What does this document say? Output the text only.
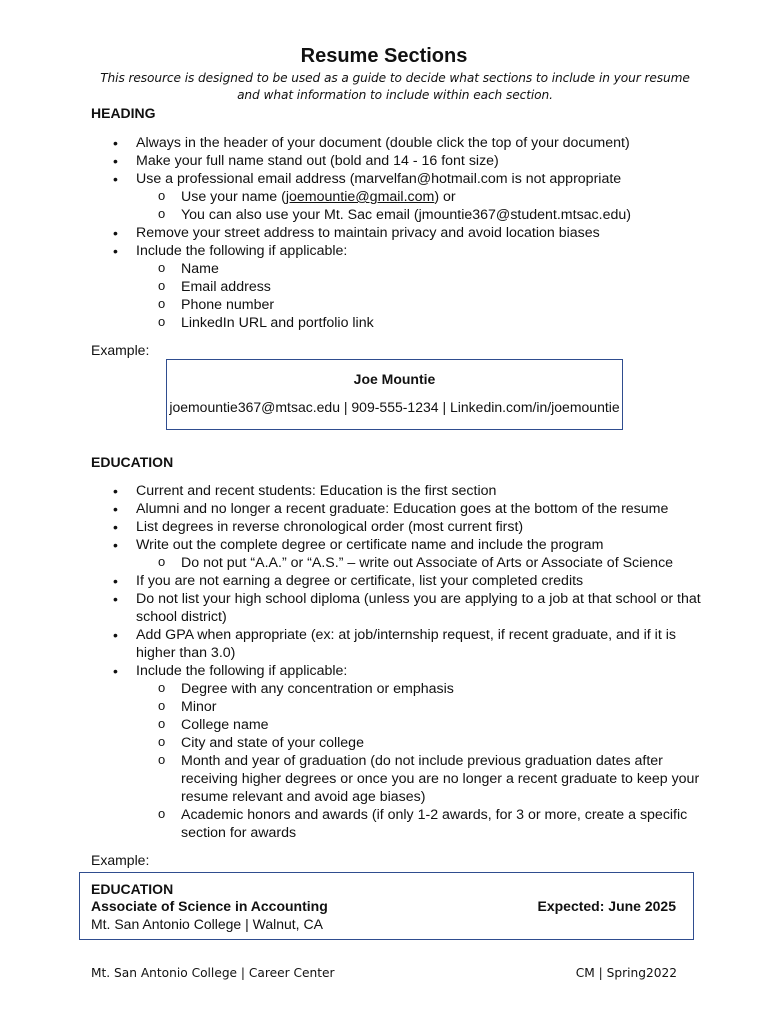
Resume Sections
This resource is designed to be used as a guide to decide what sections to include in your resume and what information to include within each section.
HEADING
• Always in the header of your document (double click the top of your document)
• Make your full name stand out (bold and 14 - 16 font size)
• Use a professional email address (marvelfan@hotmail.com is not appropriate
o Use your name (joemountie@gmail.com) or
o You can also use your Mt. Sac email (jmountie367@student.mtsac.edu)
• Remove your street address to maintain privacy and avoid location biases
• Include the following if applicable:
o Name
o Email address
o Phone number
o LinkedIn URL and portfolio link
Example:
Joe Mountie
joemountie367@mtsac.edu | 909-555-1234 | Linkedin.com/in/joemountie
EDUCATION
• Current and recent students: Education is the first section
• Alumni and no longer a recent graduate: Education goes at the bottom of the resume
• List degrees in reverse chronological order (most current first)
• Write out the complete degree or certificate name and include the program
o Do not put “A.A.” or “A.S.” – write out Associate of Arts or Associate of Science
• If you are not earning a degree or certificate, list your completed credits
• Do not list your high school diploma (unless you are applying to a job at that school or that school district)
• Add GPA when appropriate (ex: at job/internship request, if recent graduate, and if it is higher than 3.0)
• Include the following if applicable:
o Degree with any concentration or emphasis
o Minor
o College name
o City and state of your college
o Month and year of graduation (do not include previous graduation dates after receiving higher degrees or once you are no longer a recent graduate to keep your resume relevant and avoid age biases)
o Academic honors and awards (if only 1-2 awards, for 3 or more, create a specific section for awards
Example:
EDUCATION
Associate of Science in Accounting	Expected: June 2025
Mt. San Antonio College | Walnut, CA
Mt. San Antonio College | Career Center	CM | Spring2022
